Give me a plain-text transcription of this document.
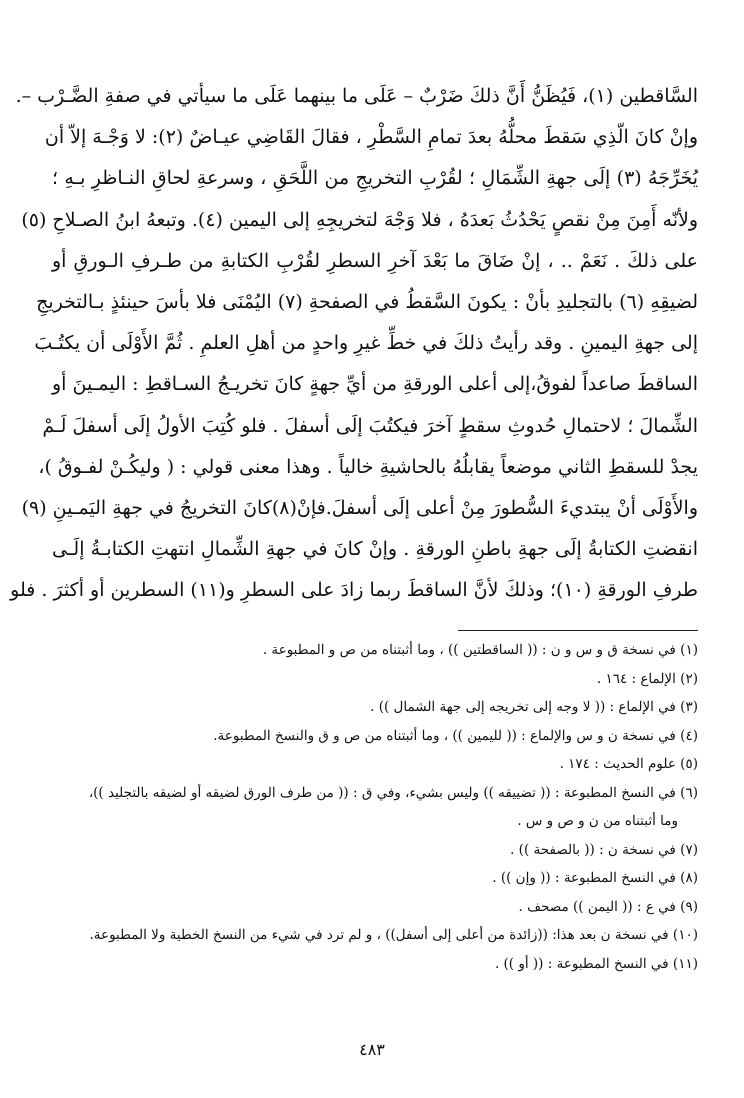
السَّاقطين (١)، فَيُظَنُّ أَنَّ ذلكَ ضَرْبٌ – عَلَى ما بينهما عَلَى ما سيأتي في صفةِ الضَّـرْب –.
وإنْ كانَ الّذِي سَقطَ محلُّهُ بعدَ تمامِ السَّطْرِ ، فقالَ القَاضِي عيـاضٌ (٢): لا وَجْـهَ إلاّ أن
يُخَرِّجَهُ (٣) إلَى جهةِ الشِّمَالِ ؛ لقُرْبِ التخريجِ من اللَّحَقِ ، وسرعةِ لحاقِ النـاظرِ بـهِ ؛
ولأنّه أَمِنَ مِنْ نقصٍ يَحْدُثُ بَعدَهُ ، فلا وَجْهَ لتخريجِهِ إلى اليمين (٤). وتبعهُ ابنُ الصـلاحِ (٥)
على ذلكَ . نَعَمْ .. ، إنْ ضَاقَ ما بَعْدَ آخرِ السطرِ لقُرْبِ الكتابةِ من طـرفِ الـورقِ أو
لضيقِهِ (٦) بالتجليدِ بأنْ : يكونَ السَّقطُ في الصفحةِ (٧) اليُمْنَى فلا بأسَ حينئذٍ بـالتخريجِ
إلى جهةِ اليمينِ . وقد رأيتُ ذلكَ في خطِّ غيرِ واحدٍ من أهلِ العلمِ . ثُمَّ الأَوْلَى أن يكتُـبَ
الساقطَ صاعداً لفوقُ،إلى أعلى الورقةِ من أيِّ جهةٍ كانَ تخريـجُ السـاقطِ : اليمـينَ أو
الشِّمالَ ؛ لاحتمالِ حُدوثِ سقطٍ آخرَ فيكتُبَ إلَى أسفلَ . فلو كُتِبَ الأولُ إلَى أسفلَ لَـمْ
يجدْ للسقطِ الثاني موضعاً يقابلُهُ بالحاشيةِ خالياً . وهذا معنى قولي : ( وليكُـنْ لفـوقُ )،
والأَوْلَى أنْ يبتديءَ السُّطورَ مِنْ أعلى إلَى أسفلَ.فإنْ(٨)كانَ التخريجُ في جهةِ اليَمـينِ (٩)
انقضتِ الكتابةُ إلَى جهةِ باطنِ الورقةِ . وإنْ كانَ في جهةِ الشِّمالِ انتهتِ الكتابـةُ إلَـى
طرفِ الورقةِ (١٠)؛ وذلكَ لأنَّ الساقطَ ربما زادَ على السطرِ و(١١) السطرين أو أكثرَ . فلو
(١) في نسخة ق و س و ن : (( الساقطتين )) ، وما أثبتناه من ص و المطبوعة .
(٢) الإلماع : ١٦٤ .
(٣) في الإلماع : (( لا وجه إلى تخريجه إلى جهة الشمال )) .
(٤) في نسخة ن و س والإلماع : (( لليمين )) ، وما أثبتناه من ص و ق والنسخ المطبوعة.
(٥) علوم الحديث : ١٧٤ .
(٦) في النسخ المطبوعة : (( تضييقه )) وليس بشيء، وفي ق : (( من طرف الورق لضيقه أو لضيقه بالتجليد ))،
وما أثبتناه من ن و ص و س .
(٧) في نسخة ن : (( بالصفحة )) .
(٨) في النسخ المطبوعة : (( وإن )) .
(٩) في ع : (( اليمن )) مصحف .
(١٠) في نسخة ن بعد هذا: ((زائدة من أعلى إلى أسفل)) ، و لم ترد في شيء من النسخ الخطية ولا المطبوعة.
(١١) في النسخ المطبوعة : (( أو )) .
٤٨٣
